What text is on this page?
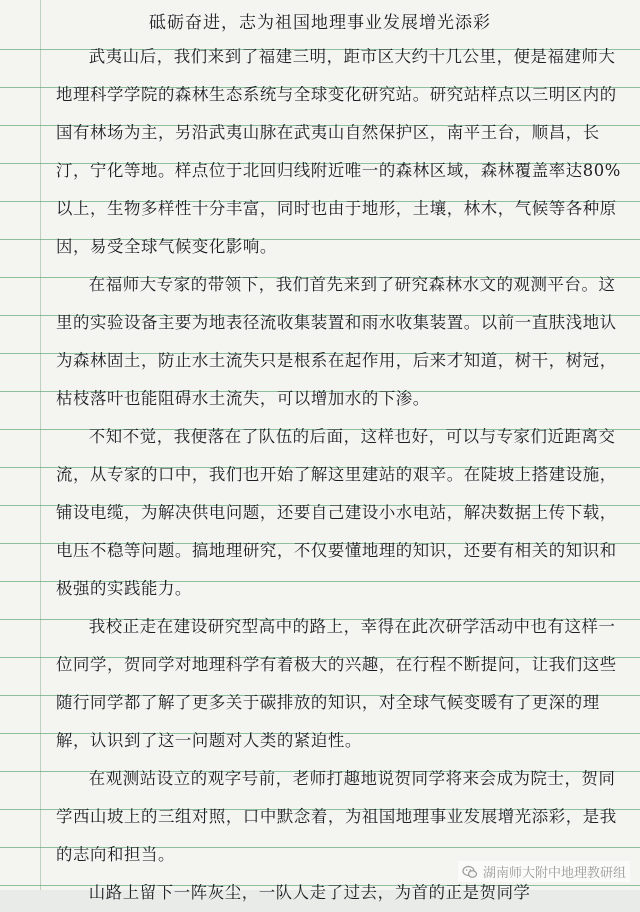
砥砺奋进，志为祖国地理事业发展增光添彩

武夷山后，我们来到了福建三明，距市区大约十几公里，便是福建师大地理科学学院的森林生态系统与全球变化研究站。研究站样点以三明区内的国有林场为主，另沿武夷山脉在武夷山自然保护区，南平王台，顺昌，长汀，宁化等地。样点位于北回归线附近唯一的森林区域，森林覆盖率达80%以上，生物多样性十分丰富，同时也由于地形，土壤，林木，气候等各种原因，易受全球气候变化影响。

在福师大专家的带领下，我们首先来到了研究森林水文的观测平台。这里的实验设备主要为地表径流收集装置和雨水收集装置。以前一直肤浅地认为森林固土，防止水土流失只是根系在起作用，后来才知道，树干，树冠，枯枝落叶也能阻碍水土流失，可以增加水的下渗。

不知不觉，我便落在了队伍的后面，这样也好，可以与专家们近距离交流，从专家的口中，我们也开始了解这里建站的艰辛。在陡坡上搭建设施，铺设电缆，为解决供电问题，还要自己建设小水电站，解决数据上传下载，电压不稳等问题。搞地理研究，不仅要懂地理的知识，还要有相关的知识和极强的实践能力。

我校正走在建设研究型高中的路上，幸得在此次研学活动中也有这样一位同学，贺同学对地理科学有着极大的兴趣，在行程不断提问，让我们这些随行同学都了解了更多关于碳排放的知识，对全球气候变暖有了更深的理解，认识到了这一问题对人类的紧迫性。

在观测站设立的观字号前，老师打趣地说贺同学将来会成为院士，贺同学西山坡上的三组对照，口中默念着，为祖国地理事业发展增光添彩，是我的志向和担当。

山路上留下一阵灰尘，一队人走了过去，为首的正是贺同学

湖南师大附中地理教研组
